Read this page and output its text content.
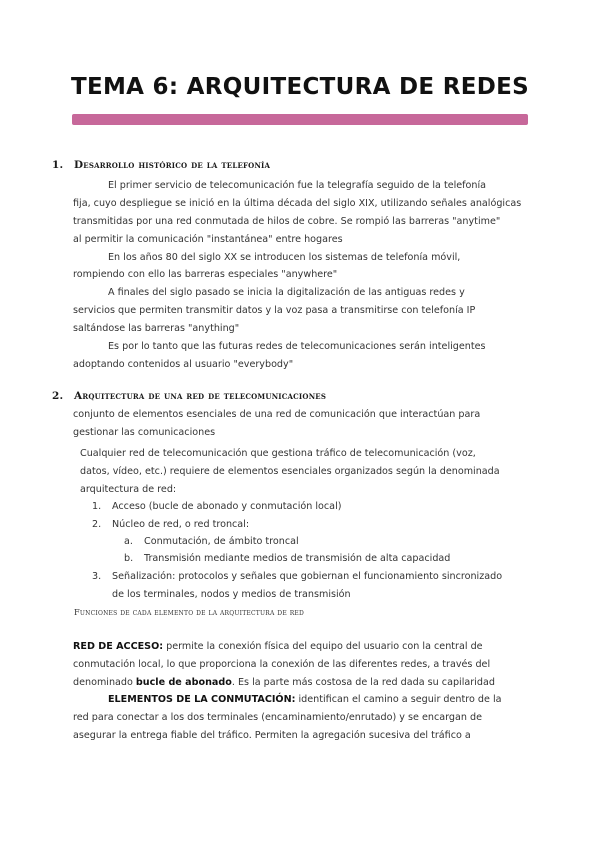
TEMA 6: ARQUITECTURA DE REDES
1. Desarrollo histórico de la telefonía
El primer servicio de telecomunicación fue la telegrafía seguido de la telefonía
fija, cuyo despliegue se inició en la última década del siglo XIX, utilizando señales analógicas
transmitidas por una red conmutada de hilos de cobre. Se rompió las barreras "anytime"
al permitir la comunicación "instantánea" entre hogares
En los años 80 del siglo XX se introducen los sistemas de telefonía móvil,
rompiendo con ello las barreras especiales "anywhere"
A finales del siglo pasado se inicia la digitalización de las antiguas redes y
servicios que permiten transmitir datos y la voz pasa a transmitirse con telefonía IP
saltándose las barreras "anything"
Es por lo tanto que las futuras redes de telecomunicaciones serán inteligentes
adoptando contenidos al usuario "everybody"
2. Arquitectura de una red de telecomunicaciones
conjunto de elementos esenciales de una red de comunicación que interactúan para
gestionar las comunicaciones
Cualquier red de telecomunicación que gestiona tráfico de telecomunicación (voz,
datos, vídeo, etc.) requiere de elementos esenciales organizados según la denominada
arquitectura de red:
1. Acceso (bucle de abonado y conmutación local)
2. Núcleo de red, o red troncal:
a. Conmutación, de ámbito troncal
b. Transmisión mediante medios de transmisión de alta capacidad
3. Señalización: protocolos y señales que gobiernan el funcionamiento sincronizado
de los terminales, nodos y medios de transmisión
Funciones de cada elemento de la arquitectura de red
RED DE ACCESO: permite la conexión física del equipo del usuario con la central de
conmutación local, lo que proporciona la conexión de las diferentes redes, a través del
denominado bucle de abonado. Es la parte más costosa de la red dada su capilaridad
ELEMENTOS DE LA CONMUTACIÓN: identifican el camino a seguir dentro de la
red para conectar a los dos terminales (encaminamiento/enrutado) y se encargan de
asegurar la entrega fiable del tráfico. Permiten la agregación sucesiva del tráfico a
